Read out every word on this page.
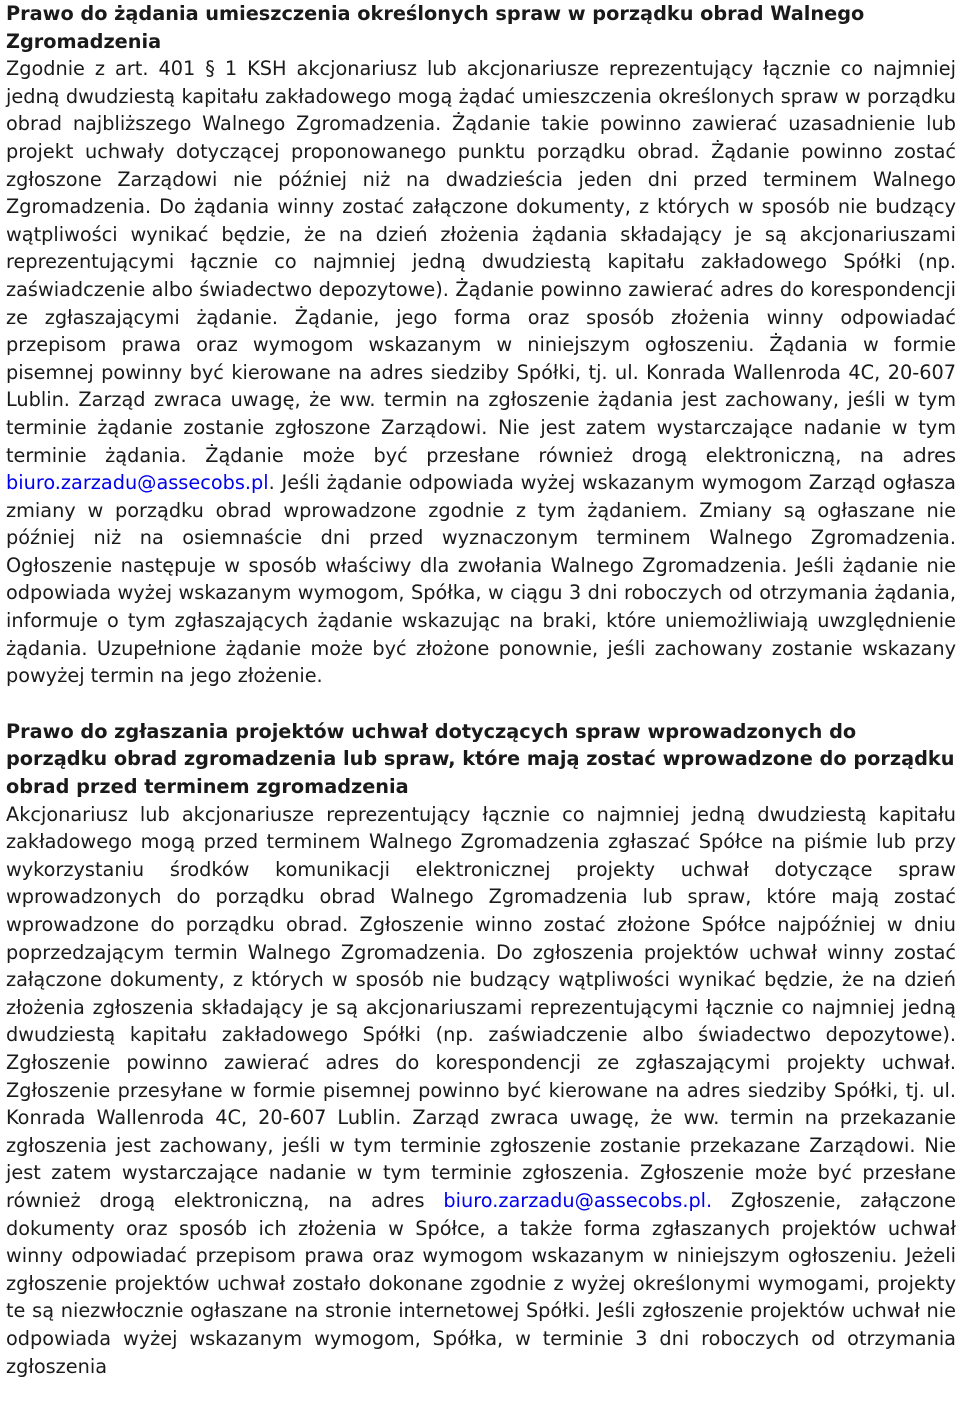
Prawo do żądania umieszczenia określonych spraw w porządku obrad Walnego Zgromadzenia

Zgodnie z art. 401 § 1 KSH akcjonariusz lub akcjonariusze reprezentujący łącznie co najmniej jedną dwudziestą kapitału zakładowego mogą żądać umieszczenia określonych spraw w porządku obrad najbliższego Walnego Zgromadzenia. Żądanie takie powinno zawierać uzasadnienie lub projekt uchwały dotyczącej proponowanego punktu porządku obrad. Żądanie powinno zostać zgłoszone Zarządowi nie później niż na dwadzieścia jeden dni przed terminem Walnego Zgromadzenia. Do żądania winny zostać załączone dokumenty, z których w sposób nie budzący wątpliwości wynikać będzie, że na dzień złożenia żądania składający je są akcjonariuszami reprezentującymi łącznie co najmniej jedną dwudziestą kapitału zakładowego Spółki (np. zaświadczenie albo świadectwo depozytowe). Żądanie powinno zawierać adres do korespondencji ze zgłaszającymi żądanie. Żądanie, jego forma oraz sposób złożenia winny odpowiadać przepisom prawa oraz wymogom wskazanym w niniejszym ogłoszeniu. Żądania w formie pisemnej powinny być kierowane na adres siedziby Spółki, tj. ul. Konrada Wallenroda 4C, 20-607 Lublin. Zarząd zwraca uwagę, że ww. termin na zgłoszenie żądania jest zachowany, jeśli w tym terminie żądanie zostanie zgłoszone Zarządowi. Nie jest zatem wystarczające nadanie w tym terminie żądania. Żądanie może być przesłane również drogą elektroniczną, na adres biuro.zarzadu@assecobs.pl. Jeśli żądanie odpowiada wyżej wskazanym wymogom Zarząd ogłasza zmiany w porządku obrad wprowadzone zgodnie z tym żądaniem. Zmiany są ogłaszane nie później niż na osiemnaście dni przed wyznaczonym terminem Walnego Zgromadzenia. Ogłoszenie następuje w sposób właściwy dla zwołania Walnego Zgromadzenia. Jeśli żądanie nie odpowiada wyżej wskazanym wymogom, Spółka, w ciągu 3 dni roboczych od otrzymania żądania, informuje o tym zgłaszających żądanie wskazując na braki, które uniemożliwiają uwzględnienie żądania. Uzupełnione żądanie może być złożone ponownie, jeśli zachowany zostanie wskazany powyżej termin na jego złożenie.

Prawo do zgłaszania projektów uchwał dotyczących spraw wprowadzonych do porządku obrad zgromadzenia lub spraw, które mają zostać wprowadzone do porządku obrad przed terminem zgromadzenia

Akcjonariusz lub akcjonariusze reprezentujący łącznie co najmniej jedną dwudziestą kapitału zakładowego mogą przed terminem Walnego Zgromadzenia zgłaszać Spółce na piśmie lub przy wykorzystaniu środków komunikacji elektronicznej projekty uchwał dotyczące spraw wprowadzonych do porządku obrad Walnego Zgromadzenia lub spraw, które mają zostać wprowadzone do porządku obrad. Zgłoszenie winno zostać złożone Spółce najpóźniej w dniu poprzedzającym termin Walnego Zgromadzenia. Do zgłoszenia projektów uchwał winny zostać załączone dokumenty, z których w sposób nie budzący wątpliwości wynikać będzie, że na dzień złożenia zgłoszenia składający je są akcjonariuszami reprezentującymi łącznie co najmniej jedną dwudziestą kapitału zakładowego Spółki (np. zaświadczenie albo świadectwo depozytowe). Zgłoszenie powinno zawierać adres do korespondencji ze zgłaszającymi projekty uchwał. Zgłoszenie przesyłane w formie pisemnej powinno być kierowane na adres siedziby Spółki, tj. ul. Konrada Wallenroda 4C, 20-607 Lublin. Zarząd zwraca uwagę, że ww. termin na przekazanie zgłoszenia jest zachowany, jeśli w tym terminie zgłoszenie zostanie przekazane Zarządowi. Nie jest zatem wystarczające nadanie w tym terminie zgłoszenia. Zgłoszenie może być przesłane również drogą elektroniczną, na adres biuro.zarzadu@assecobs.pl. Zgłoszenie, załączone dokumenty oraz sposób ich złożenia w Spółce, a także forma zgłaszanych projektów uchwał winny odpowiadać przepisom prawa oraz wymogom wskazanym w niniejszym ogłoszeniu. Jeżeli zgłoszenie projektów uchwał zostało dokonane zgodnie z wyżej określonymi wymogami, projekty te są niezwłocznie ogłaszane na stronie internetowej Spółki. Jeśli zgłoszenie projektów uchwał nie odpowiada wyżej wskazanym wymogom, Spółka, w terminie 3 dni roboczych od otrzymania zgłoszenia
